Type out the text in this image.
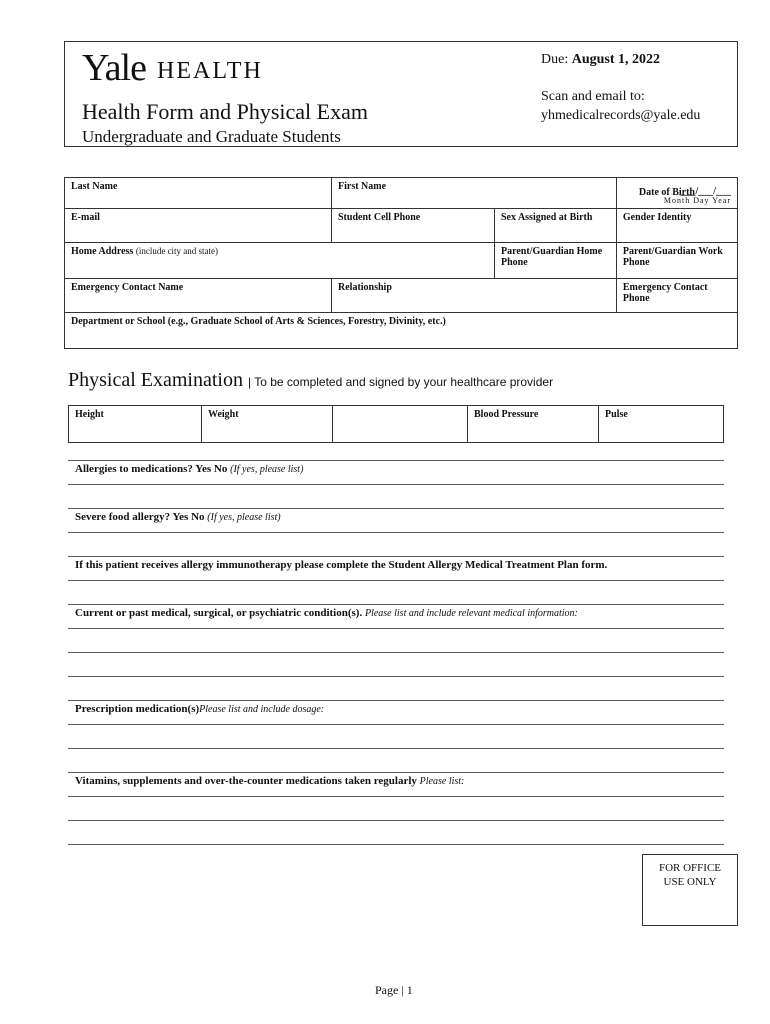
Yale HEALTH
Health Form and Physical Exam
Undergraduate and Graduate Students
Due: August 1, 2022
Scan and email to:
yhmedicalrecords@yale.edu
Last Name	First Name		Date of Birth
___/___/___
Month Day Year

E-mail	Student Cell Phone	Sex Assigned at Birth	Gender Identity
Home Address (include city and state)		Parent/Guardian Home Phone	Parent/Guardian Work Phone
Emergency Contact Name	Relationship		Emergency Contact Phone
Department or School (e.g., Graduate School of Arts & Sciences, Forestry, Divinity, etc.)			
Physical Examination | To be completed and signed by your healthcare provider
Height	Weight		Blood Pressure	Pulse
Allergies to medications? Yes No (If yes, please list)
Severe food allergy? Yes No (If yes, please list)
If this patient receives allergy immunotherapy please complete the Student Allergy Medical Treatment Plan form.
Current or past medical, surgical, or psychiatric condition(s). Please list and include relevant medical information:
Prescription medication(s)Please list and include dosage:
Vitamins, supplements and over-the-counter medications taken regularly Please list:
FOR OFFICE
USE ONLY
Page | 1
